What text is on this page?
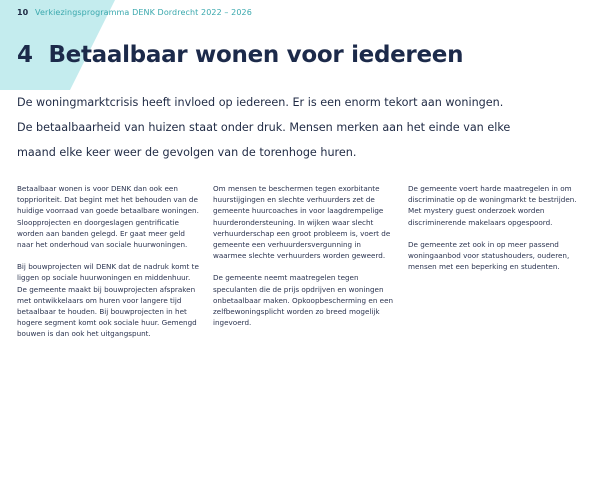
10 Verkiezingsprogramma DENK Dordrecht 2022 – 2026
4 Betaalbaar wonen voor iedereen

De woningmarktcrisis heeft invloed op iedereen. Er is een enorm tekort aan woningen.

De betaalbaarheid van huizen staat onder druk. Mensen merken aan het einde van elke

maand elke keer weer de gevolgen van de torenhoge huren.

Betaalbaar wonen is voor DENK dan ook een topprioriteit. Dat begint met het behouden van de huidige voorraad van goede betaalbare woningen. Sloopprojecten en doorgeslagen gentrificatie worden aan banden gelegd. Er gaat meer geld naar het onderhoud van sociale huurwoningen.

Bij bouwprojecten wil DENK dat de nadruk komt te liggen op sociale huurwoningen en middenhuur. De gemeente maakt bij bouwprojecten afspraken met ontwikkelaars om huren voor langere tijd betaalbaar te houden. Bij bouwprojecten in het hogere segment komt ook sociale huur. Gemengd bouwen is dan ook het uitgangspunt.

Om mensen te beschermen tegen exorbitante huurstijgingen en slechte verhuurders zet de gemeente huurcoaches in voor laagdrempelige huurderondersteuning. In wijken waar slecht verhuurderschap een groot probleem is, voert de gemeente een verhuurdersvergunning in waarmee slechte verhuurders worden geweerd.

De gemeente neemt maatregelen tegen speculanten die de prijs opdrijven en woningen onbetaalbaar maken. Opkoopbescherming en een zelfbewoningsplicht worden zo breed mogelijk ingevoerd.

De gemeente voert harde maatregelen in om discriminatie op de woningmarkt te bestrijden. Met mystery guest onderzoek worden discriminerende makelaars opgespoord.

De gemeente zet ook in op meer passend woningaanbod voor statushouders, ouderen, mensen met een beperking en studenten.
